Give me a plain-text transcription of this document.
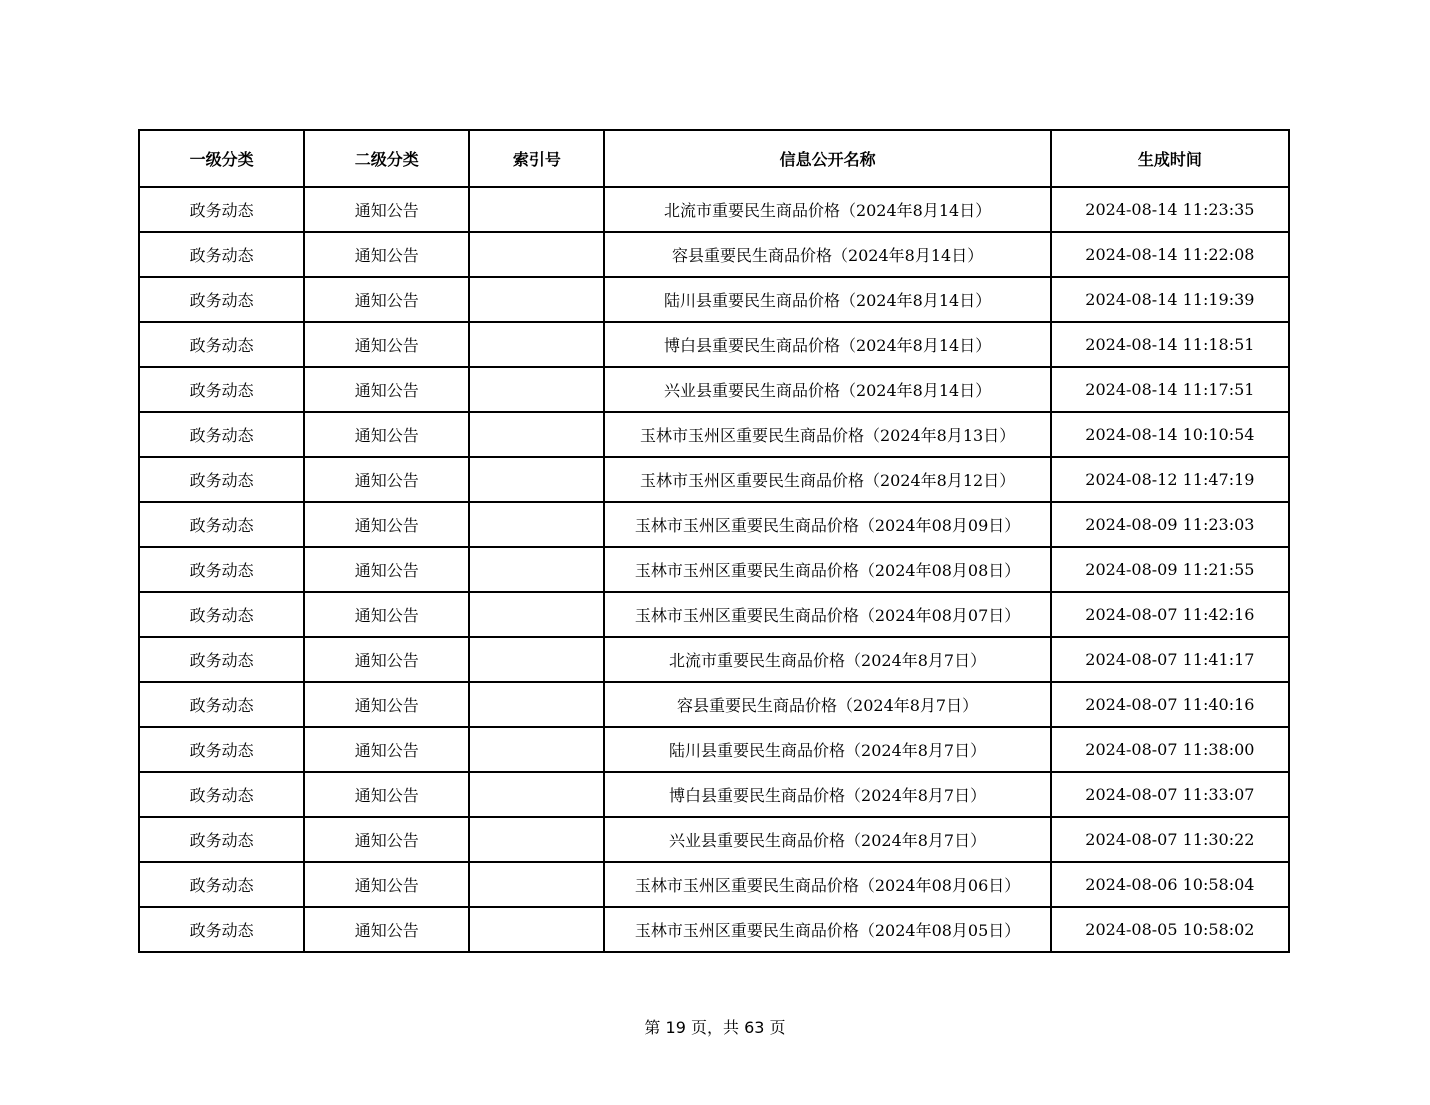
一级分类	二级分类	索引号	信息公开名称	生成时间
政务动态	通知公告		北流市重要民生商品价格（2024年8月14日）	2024-08-14 11:23:35
政务动态	通知公告		容县重要民生商品价格（2024年8月14日）	2024-08-14 11:22:08
政务动态	通知公告		陆川县重要民生商品价格（2024年8月14日）	2024-08-14 11:19:39
政务动态	通知公告		博白县重要民生商品价格（2024年8月14日）	2024-08-14 11:18:51
政务动态	通知公告		兴业县重要民生商品价格（2024年8月14日）	2024-08-14 11:17:51
政务动态	通知公告		玉林市玉州区重要民生商品价格（2024年8月13日）	2024-08-14 10:10:54
政务动态	通知公告		玉林市玉州区重要民生商品价格（2024年8月12日）	2024-08-12 11:47:19
政务动态	通知公告		玉林市玉州区重要民生商品价格（2024年08月09日）	2024-08-09 11:23:03
政务动态	通知公告		玉林市玉州区重要民生商品价格（2024年08月08日）	2024-08-09 11:21:55
政务动态	通知公告		玉林市玉州区重要民生商品价格（2024年08月07日）	2024-08-07 11:42:16
政务动态	通知公告		北流市重要民生商品价格（2024年8月7日）	2024-08-07 11:41:17
政务动态	通知公告		容县重要民生商品价格（2024年8月7日）	2024-08-07 11:40:16
政务动态	通知公告		陆川县重要民生商品价格（2024年8月7日）	2024-08-07 11:38:00
政务动态	通知公告		博白县重要民生商品价格（2024年8月7日）	2024-08-07 11:33:07
政务动态	通知公告		兴业县重要民生商品价格（2024年8月7日）	2024-08-07 11:30:22
政务动态	通知公告		玉林市玉州区重要民生商品价格（2024年08月06日）	2024-08-06 10:58:04
政务动态	通知公告		玉林市玉州区重要民生商品价格（2024年08月05日）	2024-08-05 10:58:02
第 19 页，共 63 页
